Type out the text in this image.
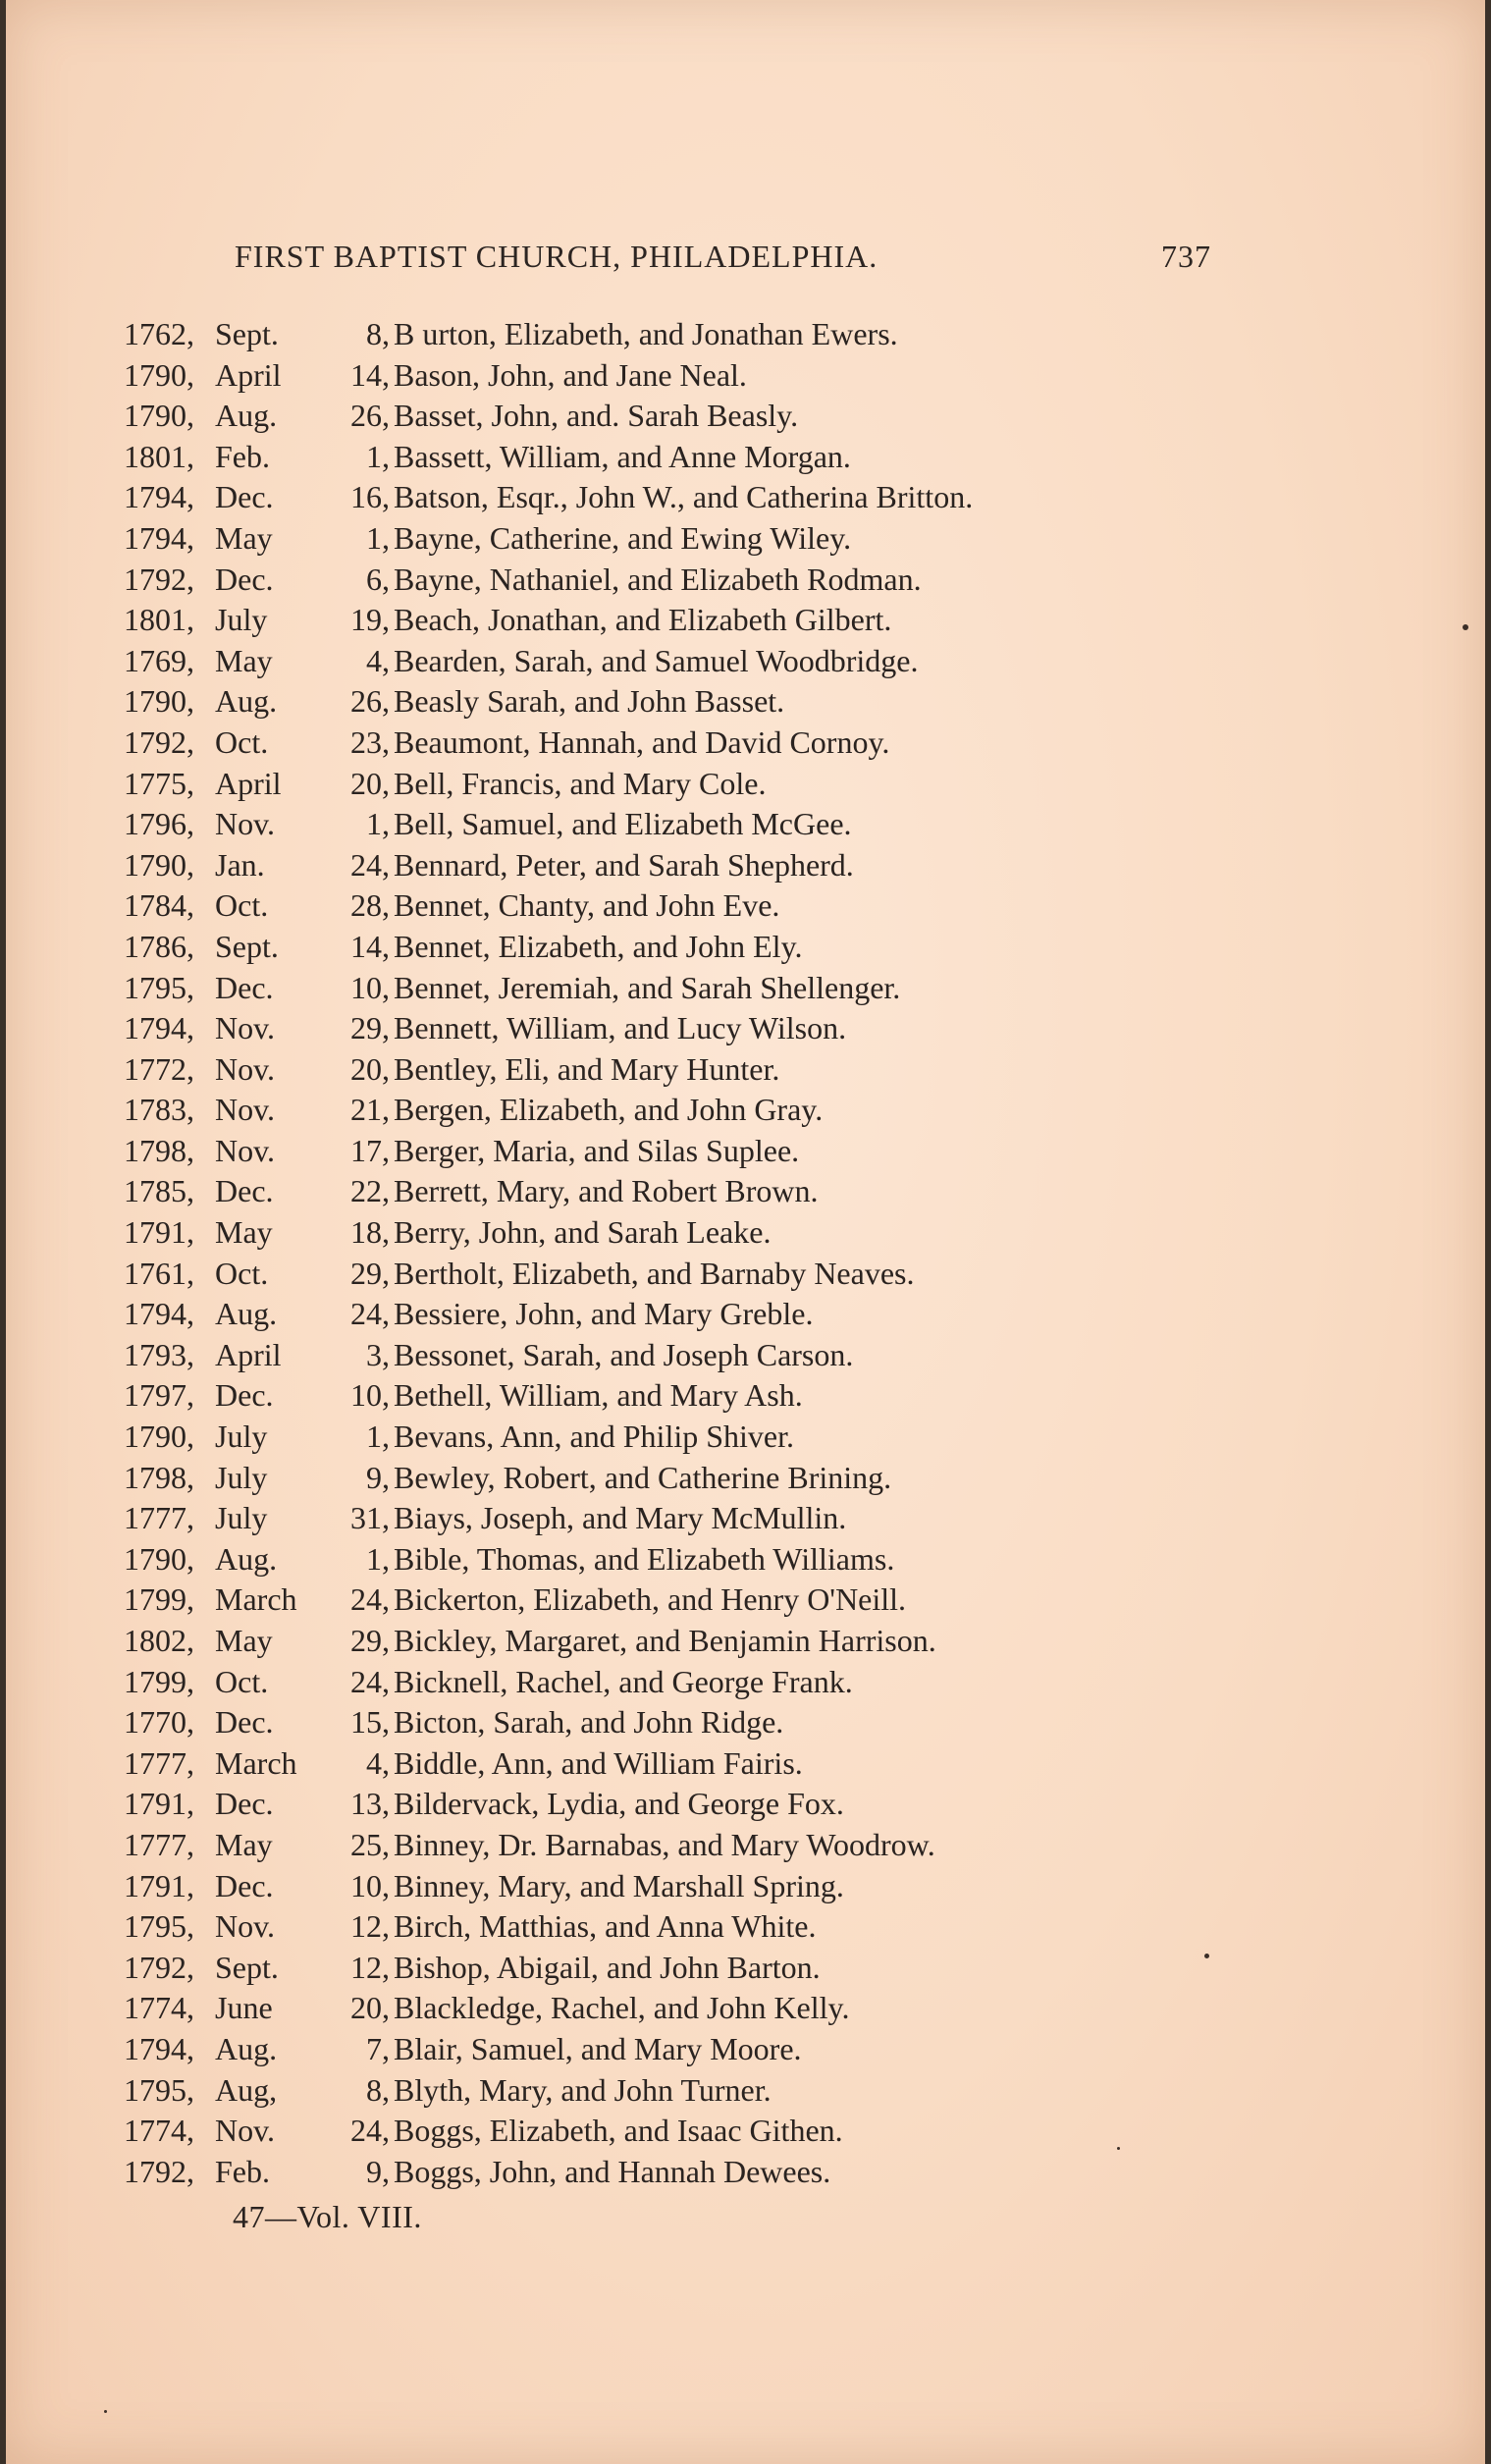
FIRST BAPTIST CHURCH, PHILADELPHIA.	737
1762, Sept.	8, B urton, Elizabeth, and Jonathan Ewers.
1790, April	14, Bason, John, and Jane Neal.
1790, Aug.	26, Basset, John, and. Sarah Beasly.
1801, Feb.	1, Bassett, William, and Anne Morgan.
1794, Dec.	16, Batson, Esqr., John W., and Catherina Britton.
1794, May	1, Bayne, Catherine, and Ewing Wiley.
1792, Dec.	6, Bayne, Nathaniel, and Elizabeth Rodman.
1801, July	19, Beach, Jonathan, and Elizabeth Gilbert.
1769, May	4, Bearden, Sarah, and Samuel Woodbridge.
1790, Aug.	26, Beasly Sarah, and John Basset.
1792, Oct.	23, Beaumont, Hannah, and David Cornoy.
1775, April	20, Bell, Francis, and Mary Cole.
1796, Nov.	1, Bell, Samuel, and Elizabeth McGee.
1790, Jan.	24, Bennard, Peter, and Sarah Shepherd.
1784, Oct.	28, Bennet, Chanty, and John Eve.
1786, Sept.	14, Bennet, Elizabeth, and John Ely.
1795, Dec.	10, Bennet, Jeremiah, and Sarah Shellenger.
1794, Nov.	29, Bennett, William, and Lucy Wilson.
1772, Nov.	20, Bentley, Eli, and Mary Hunter.
1783, Nov.	21, Bergen, Elizabeth, and John Gray.
1798, Nov.	17, Berger, Maria, and Silas Suplee.
1785, Dec.	22, Berrett, Mary, and Robert Brown.
1791, May	18, Berry, John, and Sarah Leake.
1761, Oct.	29, Bertholt, Elizabeth, and Barnaby Neaves.
1794, Aug.	24, Bessiere, John, and Mary Greble.
1793, April	3, Bessonet, Sarah, and Joseph Carson.
1797, Dec.	10, Bethell, William, and Mary Ash.
1790, July	1, Bevans, Ann, and Philip Shiver.
1798, July	9, Bewley, Robert, and Catherine Brining.
1777, July	31, Biays, Joseph, and Mary McMullin.
1790, Aug.	1, Bible, Thomas, and Elizabeth Williams.
1799, March	24, Bickerton, Elizabeth, and Henry O'Neill.
1802, May	29, Bickley, Margaret, and Benjamin Harrison.
1799, Oct.	24, Bicknell, Rachel, and George Frank.
1770, Dec.	15, Bicton, Sarah, and John Ridge.
1777, March	4, Biddle, Ann, and William Fairis.
1791, Dec.	13, Bildervack, Lydia, and George Fox.
1777, May	25, Binney, Dr. Barnabas, and Mary Woodrow.
1791, Dec.	10, Binney, Mary, and Marshall Spring.
1795, Nov.	12, Birch, Matthias, and Anna White.
1792, Sept.	12, Bishop, Abigail, and John Barton.
1774, June	20, Blackledge, Rachel, and John Kelly.
1794, Aug.	7, Blair, Samuel, and Mary Moore.
1795, Aug,	8, Blyth, Mary, and John Turner.
1774, Nov.	24, Boggs, Elizabeth, and Isaac Githen.
1792, Feb.	9, Boggs, John, and Hannah Dewees.
47—Vol. VIII.
